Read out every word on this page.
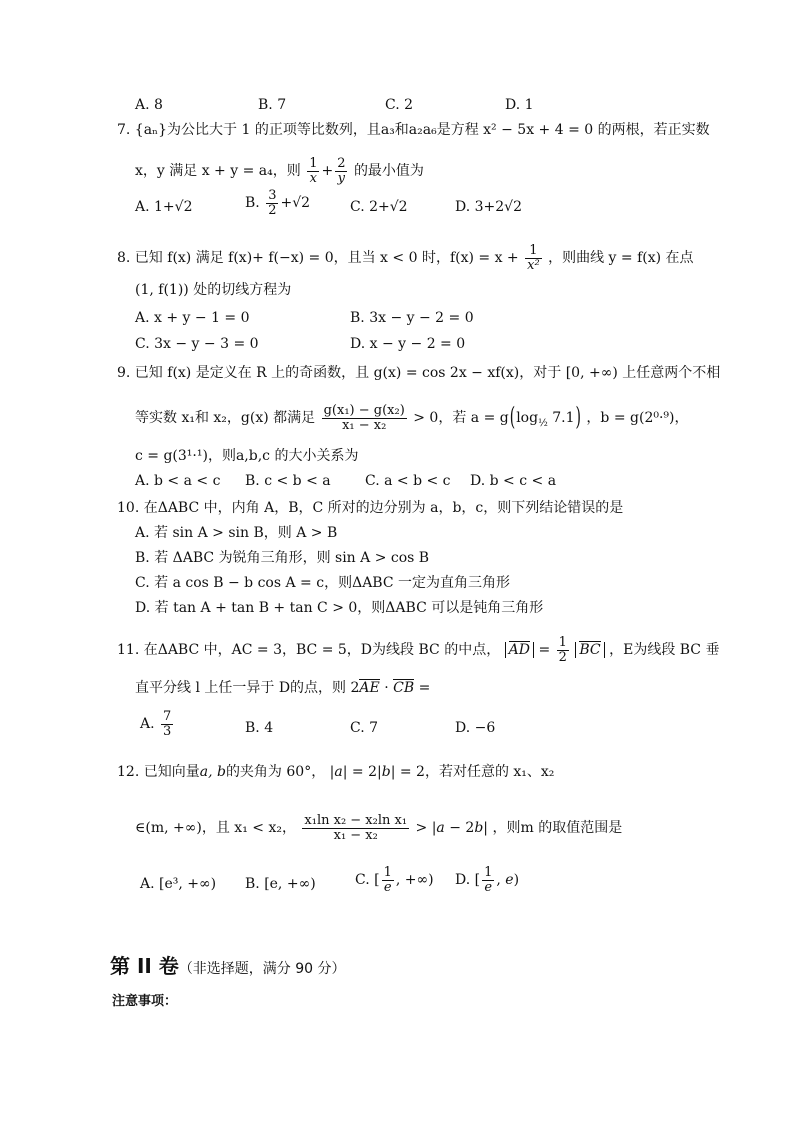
A. 8	B. 7	C. 2	D. 1
7. {aₙ}为公比大于 1 的正项等比数列，且a₃和a₂a₆是方程 x² − 5x + 4 = 0 的两根，若正实数
x，y 满足 x + y = a₄，则 $\frac{1}{x} + \frac{2}{y}$ 的最小值为
A. 1+√2	B. $\frac{3}{2} +√2$	C. 2+√2	D. 3+2√2
8. 已知 f(x) 满足 f(x)+ f(−x) = 0，且当 x < 0 时，$f(x) = x + \frac{1}{\text{x²}}$ ，则曲线 y = f(x) 在点
(1, f(1)) 处的切线方程为
A. x + y − 1 = 0	B. 3x − y − 2 = 0
C. 3x − y − 3 = 0	D. x − y − 2 = 0
9. 已知 f(x) 是定义在 R 上的奇函数，且 g(x) = cos 2x − xf(x)，对于 [0, +∞) 上任意两个不相
等实数 x₁和 x₂，g(x) 都满足 $\frac{\text{g(x₁) − g(x₂)}}{\text{x₁ − x₂}} > 0$，若 $a = g(\log_{\frac{1}{2}}$ 7.1) ，b = g(2⁰·⁹)，
c = g(3¹·¹)，则a,b,c 的大小关系为
A. b < a < c B. c < b < a C. a < b < c D. b < c < a
10. 在ΔABC 中，内角 A，B，C 所对的边分别为 a，b，c，则下列结论错误的是
A. 若 sin A > sin B，则 A > B
B. 若 ΔABC 为锐角三角形，则 sin A > cos B
C. 若 a cos B − b cos A = c，则ΔABC 一定为直角三角形
D. 若 tan A + tan B + tan C > 0，则ΔABC 可以是钝角三角形
11. 在ΔABC 中，AC = 3，BC = 5，D为线段 BC 的中点， AD = $\frac{1}{2}$ BC ，E为线段 BC 垂
直平分线 l 上任一异于 D的点，则 2AE · CB =
A. $\frac{7}{3}$	B. 4	C. 7	D. −6
12. 已知向量a, b的夹角为 60°， |a| = 2|b| = 2，若对任意的 x₁、x₂
∈(m, +∞)，且 x₁ < x₂， $\frac{\text{x₁ln x₂ − x₂ln x₁}}{\text{x₁ − x₂}} > |a - 2b|$ ，则m 的取值范围是
A. [e³, +∞) B. [e, +∞)	C. [ $\frac{1}{e}$ , +∞) D. [ $\frac{1}{e}$ , e)
第 II 卷（非选择题，满分 90 分）
注意事项：
